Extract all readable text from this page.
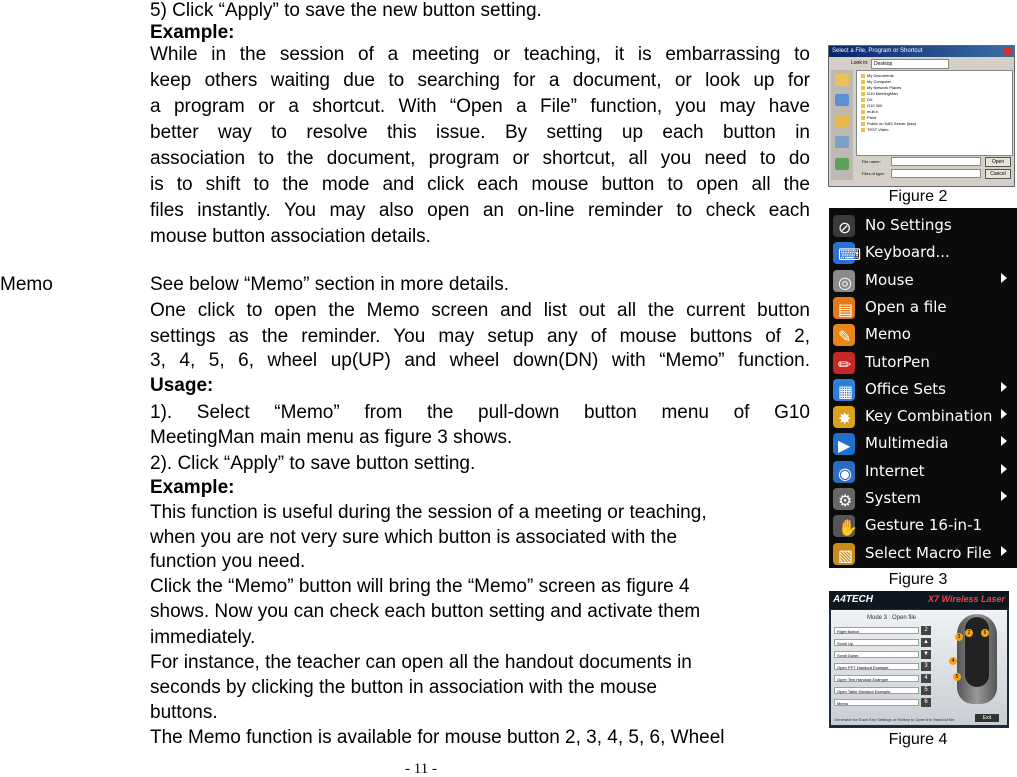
5) Click “Apply” to save the new button setting.
Example:
While in the session of a meeting or teaching, it is embarrassing to
keep others waiting due to searching for a document, or look up for
a program or a shortcut. With “Open a File” function, you may have
better way to resolve this issue. By setting up each button in
association to the document, program or shortcut, all you need to do
is to shift to the mode and click each mouse button to open all the
files instantly. You may also open an on-line reminder to check each
mouse button association details.
Memo	See below “Memo” section in more details.
One click to open the Memo screen and list out all the current button
settings as the reminder. You may setup any of mouse buttons of 2,
3, 4, 5, 6, wheel up(UP) and wheel down(DN) with “Memo” function.
Usage:
1). Select “Memo” from the pull-down button menu of G10
MeetingMan main menu as figure 3 shows.
2). Click “Apply” to save button setting.
Example:
This function is useful during the session of a meeting or teaching,
when you are not very sure which button is associated with the
function you need.
Click the “Memo” button will bring the “Memo” screen as figure 4
shows. Now you can check each button setting and activate them
immediately.
For instance, the teacher can open all the handout documents in
seconds by clicking the button in association with the mouse
buttons.
The Memo function is available for mouse button 2, 3, 4, 5, 6, Wheel
- 11 -
Select a File, Program or Shortcut
Look in:	Desktop
My Documents
My Computer
My Network Places
G10 MeetingMan
DX
G10 300
mult-n
Paint
Public on NAS Server (kaa)
TEST Video
File name:
Files of type:
Open
Cancel
Figure 2
⊘ No Settings
⌨ Keyboard...
◎ Mouse
▤ Open a file
✎ Memo
✏ TutorPen
▦ Office Sets
✸ Key Combination
▶ Multimedia
◉ Internet
⚙ System
✋ Gesture 16-in-1
▧ Select Macro File
Figure 3
A4TECH	X7 Wireless Laser
Mode 3 : Open file
Right Button	2
Scroll Up	▲
Scroll Down	▼
Open PPT Handout Example	3
Open Text Handout Example	4
Open Table Handout Example	5
Memo	6
3
2	6
4
5
Generator for Each Key Settings or Hotkey to Open the Handout file.	Exit
Figure 4
